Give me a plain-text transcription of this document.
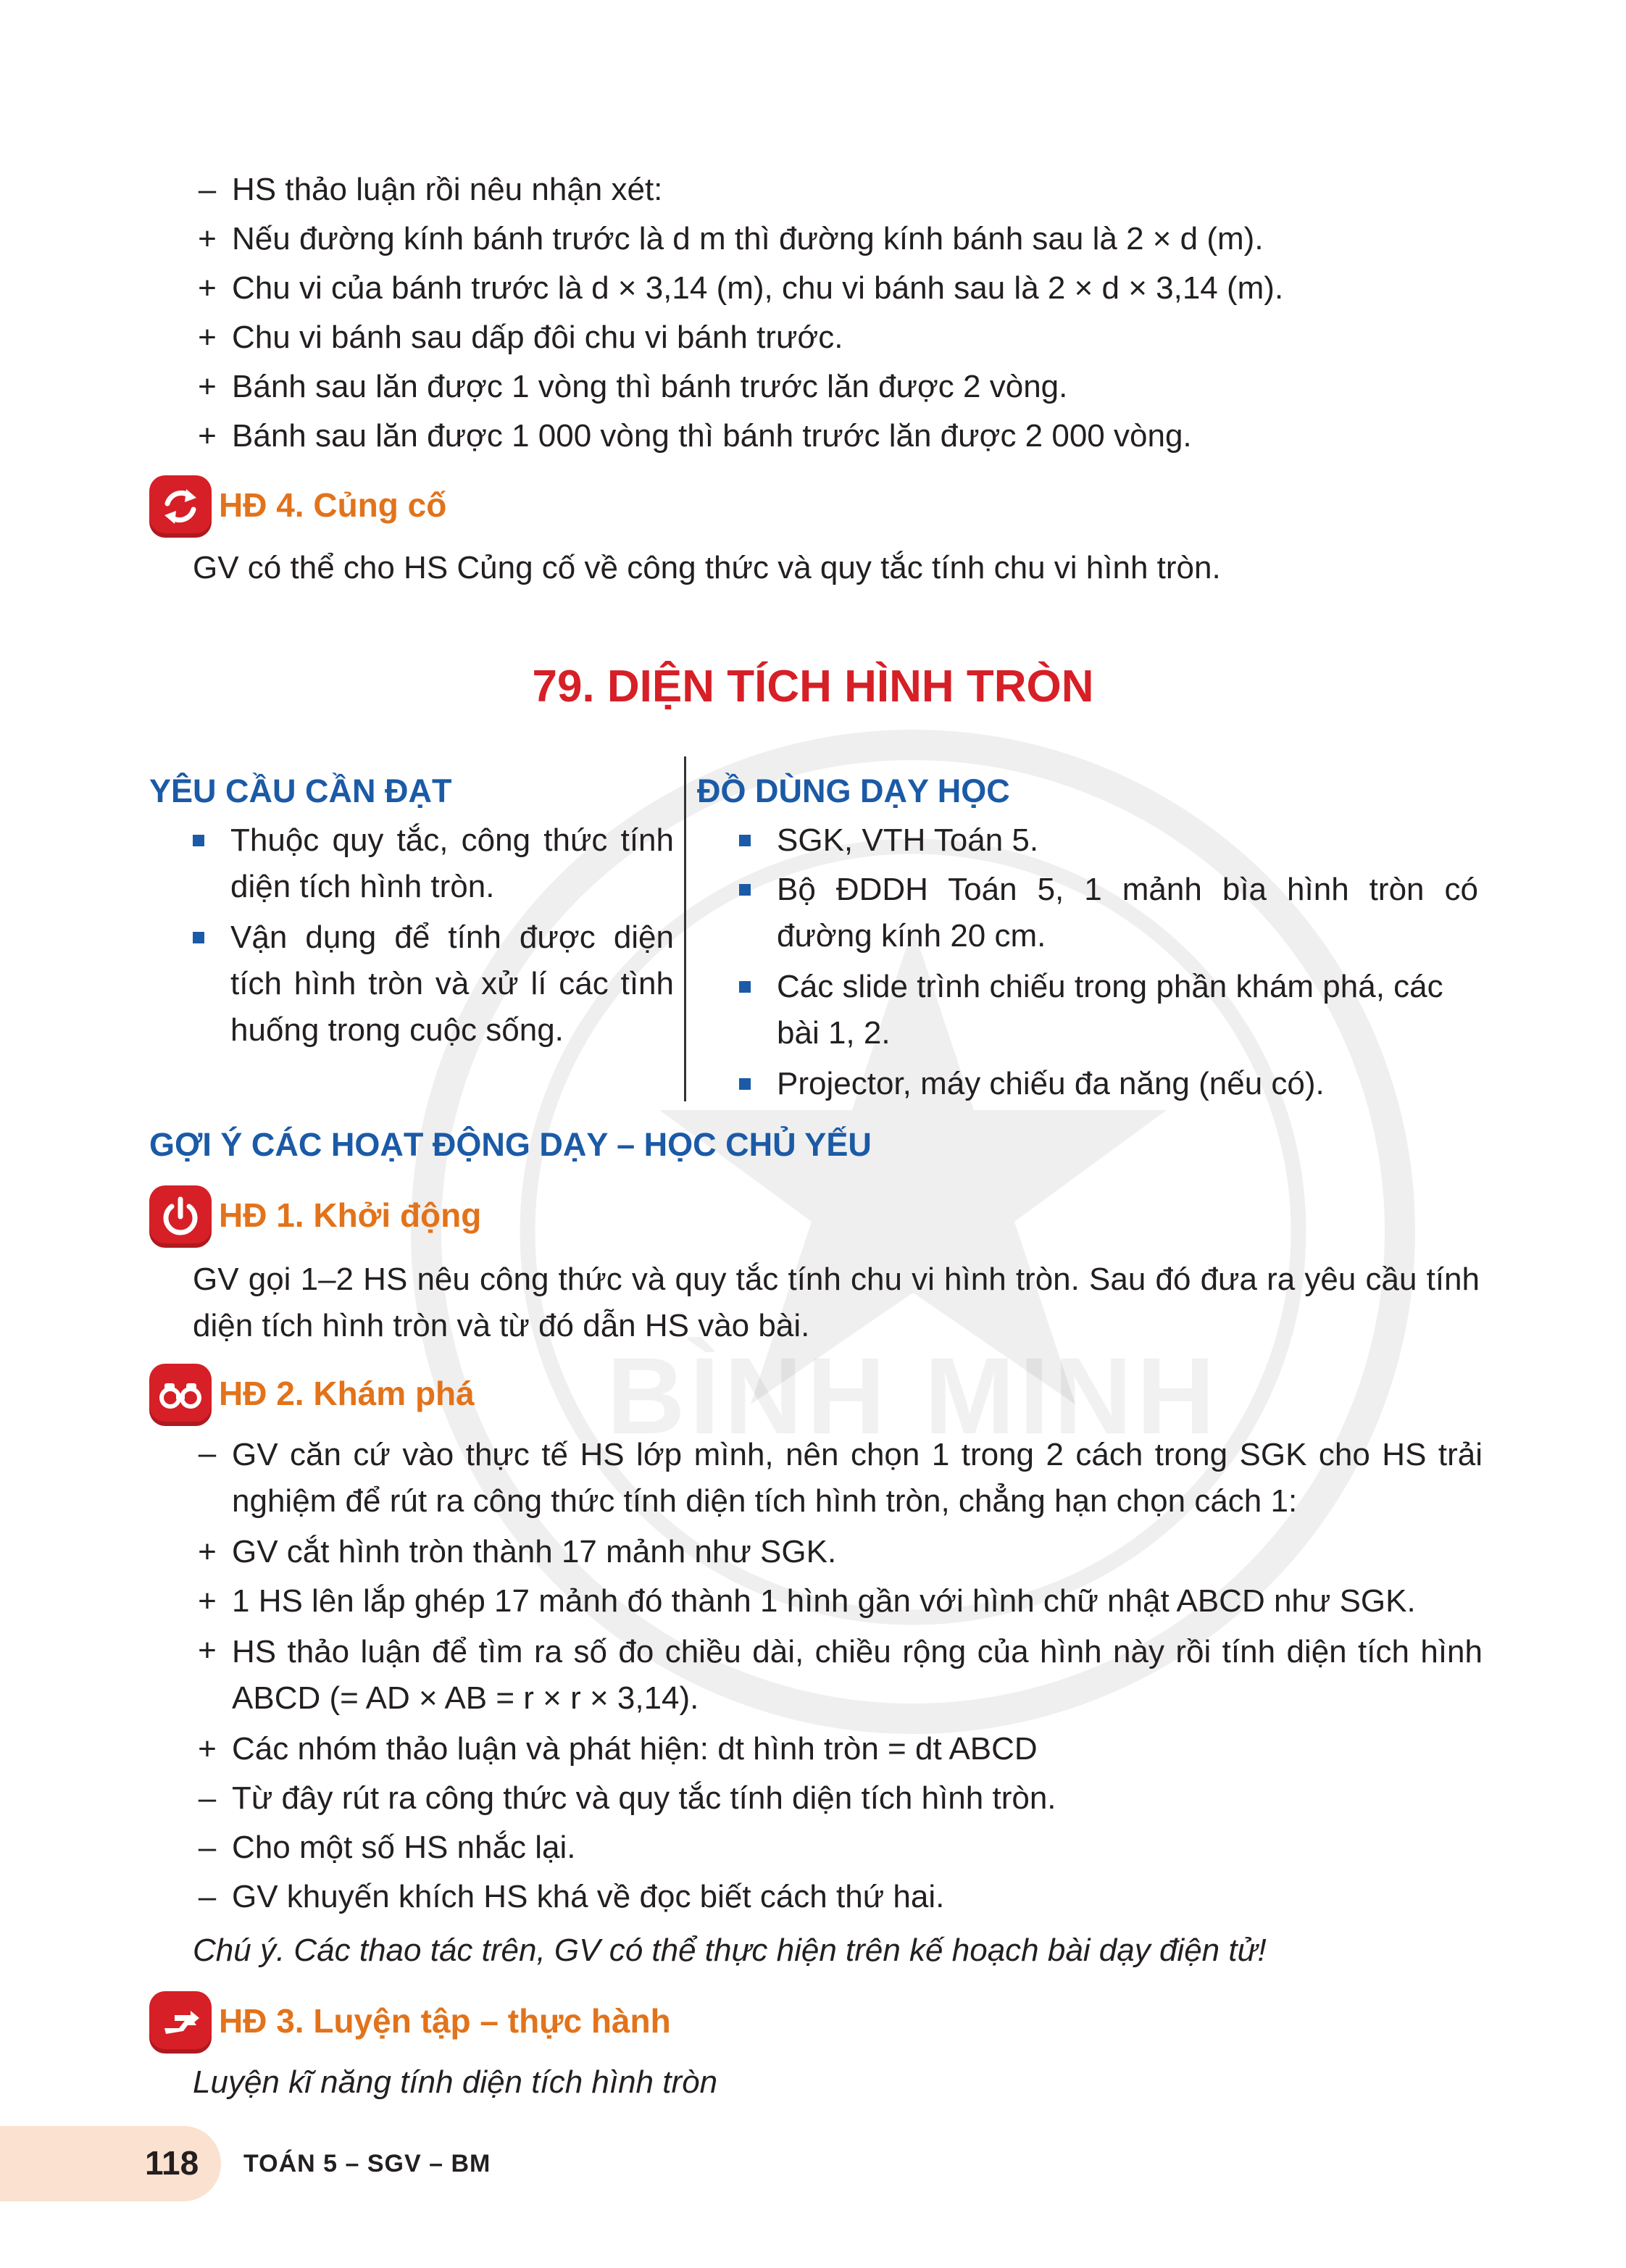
BÌNH MINH
– HS thảo luận rồi nêu nhận xét:
+ Nếu đường kính bánh trước là d m thì đường kính bánh sau là 2 × d (m).
+ Chu vi của bánh trước là d × 3,14 (m), chu vi bánh sau là 2 × d × 3,14 (m).
+ Chu vi bánh sau dấp đôi chu vi bánh trước.
+ Bánh sau lăn được 1 vòng thì bánh trước lăn được 2 vòng.
+ Bánh sau lăn được 1 000 vòng thì bánh trước lăn được 2 000 vòng.
HĐ 4. Củng cố
GV có thể cho HS Củng cố về công thức và quy tắc tính chu vi hình tròn.
79. DIỆN TÍCH HÌNH TRÒN
YÊU CẦU CẦN ĐẠT
Thuộc quy tắc, công thức tính diện tích hình tròn.
Vận dụng để tính được diện tích hình tròn và xử lí các tình huống trong cuộc sống.
ĐỒ DÙNG DẠY HỌC
SGK, VTH Toán 5.
Bộ ĐDDH Toán 5, 1 mảnh bìa hình tròn có đường kính 20 cm.
Các slide trình chiếu trong phần khám phá, các bài 1, 2.
Projector, máy chiếu đa năng (nếu có).
GỢI Ý CÁC HOẠT ĐỘNG DẠY – HỌC CHỦ YẾU
HĐ 1. Khởi động
GV gọi 1–2 HS nêu công thức và quy tắc tính chu vi hình tròn. Sau đó đưa ra yêu cầu tính diện tích hình tròn và từ đó dẫn HS vào bài.
HĐ 2. Khám phá
– GV căn cứ vào thực tế HS lớp mình, nên chọn 1 trong 2 cách trong SGK cho HS trải nghiệm để rút ra công thức tính diện tích hình tròn, chẳng hạn chọn cách 1:
+ GV cắt hình tròn thành 17 mảnh như SGK.
+ 1 HS lên lắp ghép 17 mảnh đó thành 1 hình gần với hình chữ nhật ABCD như SGK.
+ HS thảo luận để tìm ra số đo chiều dài, chiều rộng của hình này rồi tính diện tích hình ABCD (= AD × AB = r × r × 3,14).
+ Các nhóm thảo luận và phát hiện: dt hình tròn = dt ABCD
– Từ đây rút ra công thức và quy tắc tính diện tích hình tròn.
– Cho một số HS nhắc lại.
– GV khuyến khích HS khá về đọc biết cách thứ hai.
Chú ý. Các thao tác trên, GV có thể thực hiện trên kế hoạch bài dạy điện tử!
HĐ 3. Luyện tập – thực hành
Luyện kĩ năng tính diện tích hình tròn
118 TOÁN 5 – SGV – BM
